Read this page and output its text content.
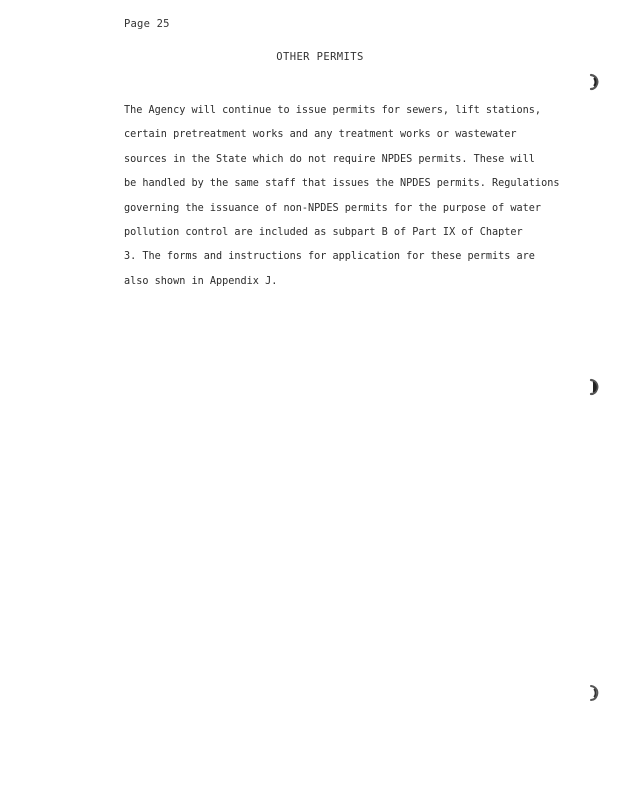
Page 25
OTHER PERMITS
The Agency will continue to issue permits for sewers, lift stations,
certain pretreatment works and any treatment works or wastewater
sources in the State which do not require NPDES permits. These will
be handled by the same staff that issues the NPDES permits. Regulations
governing the issuance of non-NPDES permits for the purpose of water
pollution control are included as subpart B of Part IX of Chapter
3. The forms and instructions for application for these permits are
also shown in Appendix J.
